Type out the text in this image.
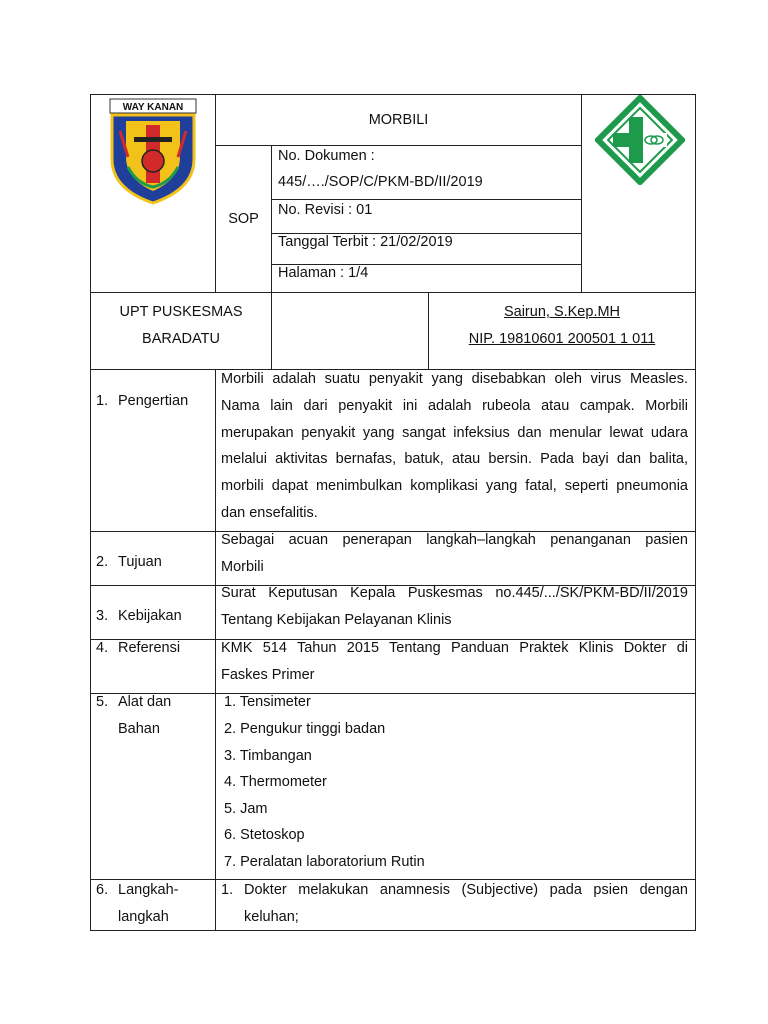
WAY KANAN
MORBILI
SOP
No. Dokumen :
445/…./SOP/C/PKM-BD/II/2019
No. Revisi : 01
Tanggal Terbit : 21/02/2019
Halaman : 1/4
UPT PUSKESMAS
BARADATU
Sairun, S.Kep.MH
NIP. 19810601 200501 1 011
1. Pengertian
Morbili adalah suatu penyakit yang disebabkan oleh virus Measles.
Nama lain dari penyakit ini adalah rubeola atau campak. Morbili
merupakan penyakit yang sangat infeksius dan menular lewat udara
melalui aktivitas bernafas, batuk, atau bersin. Pada bayi dan balita,
morbili dapat menimbulkan komplikasi yang fatal, seperti pneumonia
dan ensefalitis.
2. Tujuan
Sebagai acuan penerapan langkah–langkah penanganan pasien
Morbili
3. Kebijakan
Surat Keputusan Kepala Puskesmas no.445/.../SK/PKM-BD/II/2019
Tentang Kebijakan Pelayanan Klinis
4. Referensi	KMK 514 Tahun 2015 Tentang Panduan Praktek Klinis Dokter di
Faskes Primer
5. Alat dan
Bahan
1. Tensimeter
2. Pengukur tinggi badan
3. Timbangan
4. Thermometer
5. Jam
6. Stetoskop
7. Peralatan laboratorium Rutin
6. Langkah-
langkah
1. Dokter melakukan anamnesis (Subjective) pada psien dengan
keluhan;
